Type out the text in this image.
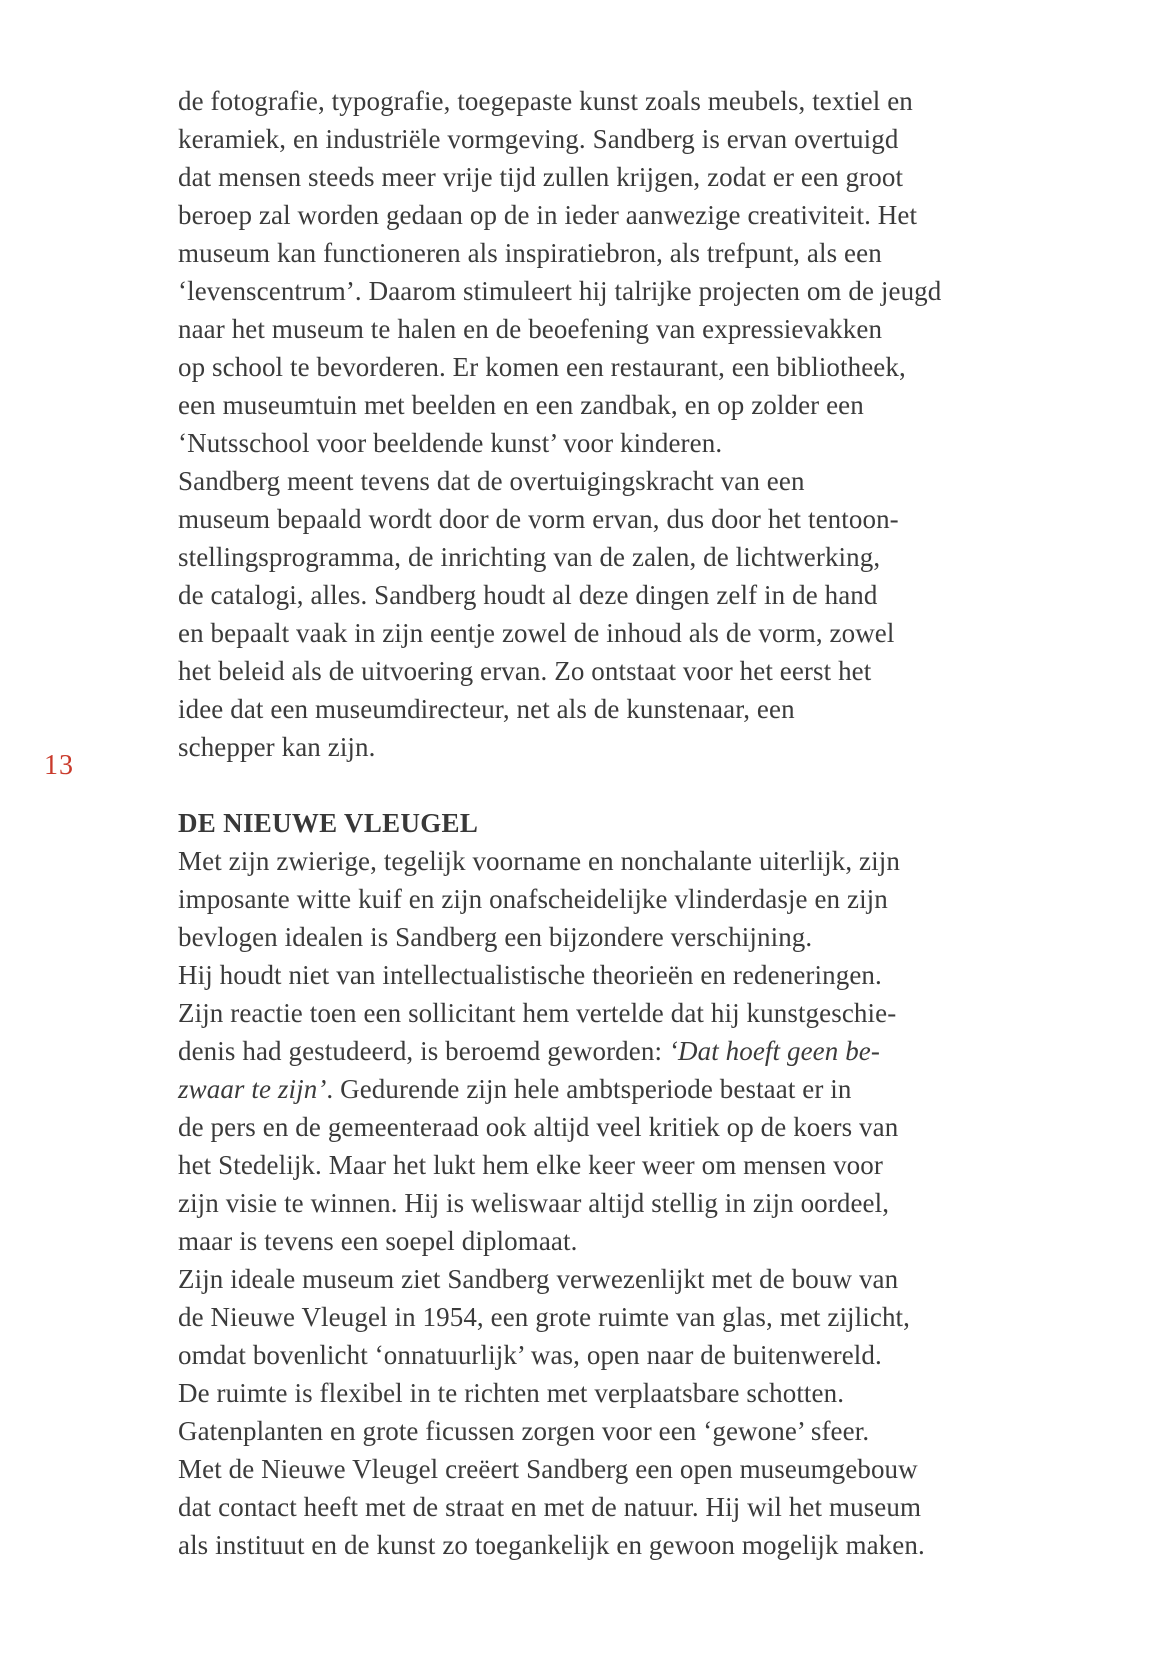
13
de fotografie, typografie, toegepaste kunst zoals meubels, textiel en
keramiek, en industriële vormgeving. Sandberg is ervan overtuigd
dat mensen steeds meer vrije tijd zullen krijgen, zodat er een groot
beroep zal worden gedaan op de in ieder aanwezige creativiteit. Het
museum kan functioneren als inspiratiebron, als trefpunt, als een
‘levenscentrum’. Daarom stimuleert hij talrijke projecten om de jeugd
naar het museum te halen en de beoefening van expressievakken
op school te bevorderen. Er komen een restaurant, een bibliotheek,
een museumtuin met beelden en een zandbak, en op zolder een
‘Nutsschool voor beeldende kunst’ voor kinderen.
Sandberg meent tevens dat de overtuigingskracht van een
museum bepaald wordt door de vorm ervan, dus door het tentoon-
stellingsprogramma, de inrichting van de zalen, de lichtwerking,
de catalogi, alles. Sandberg houdt al deze dingen zelf in de hand
en bepaalt vaak in zijn eentje zowel de inhoud als de vorm, zowel
het beleid als de uitvoering ervan. Zo ontstaat voor het eerst het
idee dat een museumdirecteur, net als de kunstenaar, een
schepper kan zijn.
DE NIEUWE VLEUGEL
Met zijn zwierige, tegelijk voorname en nonchalante uiterlijk, zijn
imposante witte kuif en zijn onafscheidelijke vlinderdasje en zijn
bevlogen idealen is Sandberg een bijzondere verschijning.
Hij houdt niet van intellectualistische theorieën en redeneringen.
Zijn reactie toen een sollicitant hem vertelde dat hij kunstgeschie-
denis had gestudeerd, is beroemd geworden: ‘Dat hoeft geen be-
zwaar te zijn’. Gedurende zijn hele ambtsperiode bestaat er in
de pers en de gemeenteraad ook altijd veel kritiek op de koers van
het Stedelijk. Maar het lukt hem elke keer weer om mensen voor
zijn visie te winnen. Hij is weliswaar altijd stellig in zijn oordeel,
maar is tevens een soepel diplomaat.
Zijn ideale museum ziet Sandberg verwezenlijkt met de bouw van
de Nieuwe Vleugel in 1954, een grote ruimte van glas, met zijlicht,
omdat bovenlicht ‘onnatuurlijk’ was, open naar de buitenwereld.
De ruimte is flexibel in te richten met verplaatsbare schotten.
Gatenplanten en grote ficussen zorgen voor een ‘gewone’ sfeer.
Met de Nieuwe Vleugel creëert Sandberg een open museumgebouw
dat contact heeft met de straat en met de natuur. Hij wil het museum
als instituut en de kunst zo toegankelijk en gewoon mogelijk maken.
